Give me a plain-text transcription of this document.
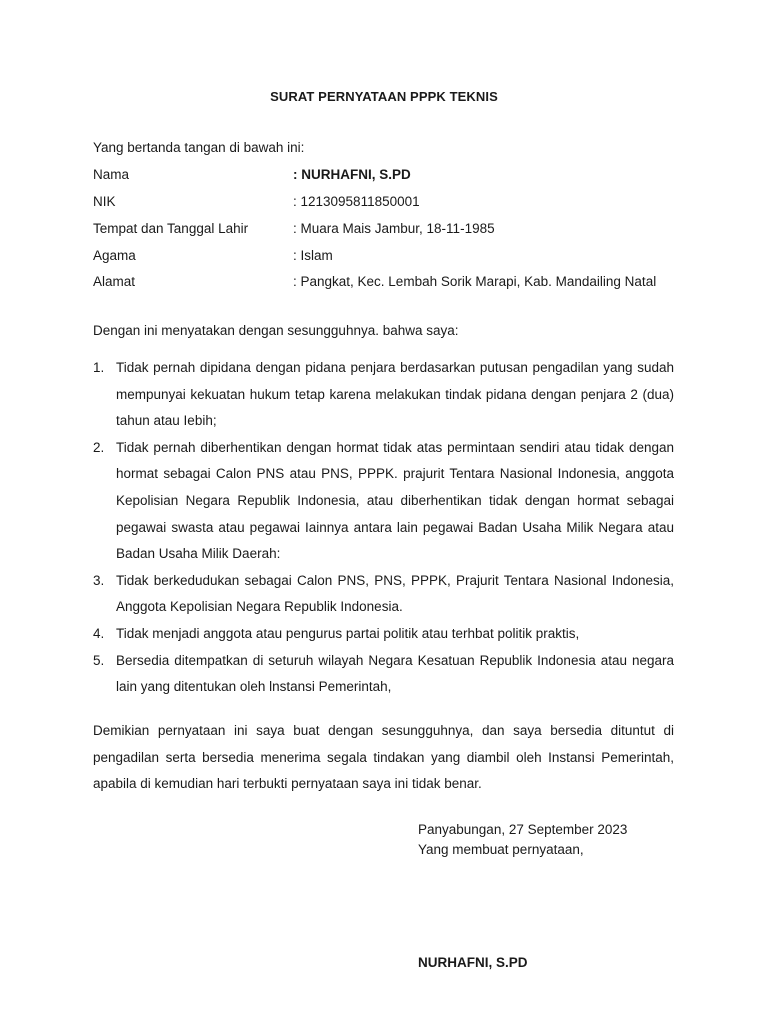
SURAT PERNYATAAN PPPK TEKNIS
Yang bertanda tangan di bawah ini:
Nama	: NURHAFNI, S.PD
NIK	: 1213095811850001
Tempat dan Tanggal Lahir	: Muara Mais Jambur, 18-11-1985
Agama	: Islam
Alamat	: Pangkat, Kec. Lembah Sorik Marapi, Kab. Mandailing Natal
Dengan ini menyatakan dengan sesungguhnya. bahwa saya:
1. Tidak pernah dipidana dengan pidana penjara berdasarkan putusan pengadilan yang sudah mempunyai kekuatan hukum tetap karena melakukan tindak pidana dengan penjara 2 (dua) tahun atau Iebih;
2. Tidak pernah diberhentikan dengan hormat tidak atas permintaan sendiri atau tidak dengan hormat sebagai Calon PNS atau PNS, PPPK. prajurit Tentara Nasional Indonesia, anggota Kepolisian Negara Republik Indonesia, atau diberhentikan tidak dengan hormat sebagai pegawai swasta atau pegawai Iainnya antara lain pegawai Badan Usaha Milik Negara atau Badan Usaha Milik Daerah:
3. Tidak berkedudukan sebagai Calon PNS, PNS, PPPK, Prajurit Tentara Nasional Indonesia, Anggota Kepolisian Negara Republik Indonesia.
4. Tidak menjadi anggota atau pengurus partai politik atau terhbat politik praktis,
5. Bersedia ditempatkan di seturuh wilayah Negara Kesatuan Republik Indonesia atau negara lain yang ditentukan oleh lnstansi Pemerintah,
Demikian pernyataan ini saya buat dengan sesungguhnya, dan saya bersedia dituntut di pengadilan serta bersedia menerima segala tindakan yang diambil oleh Instansi Pemerintah, apabila di kemudian hari terbukti pernyataan saya ini tidak benar.
Panyabungan, 27 September 2023
Yang membuat pernyataan,
NURHAFNI, S.PD
